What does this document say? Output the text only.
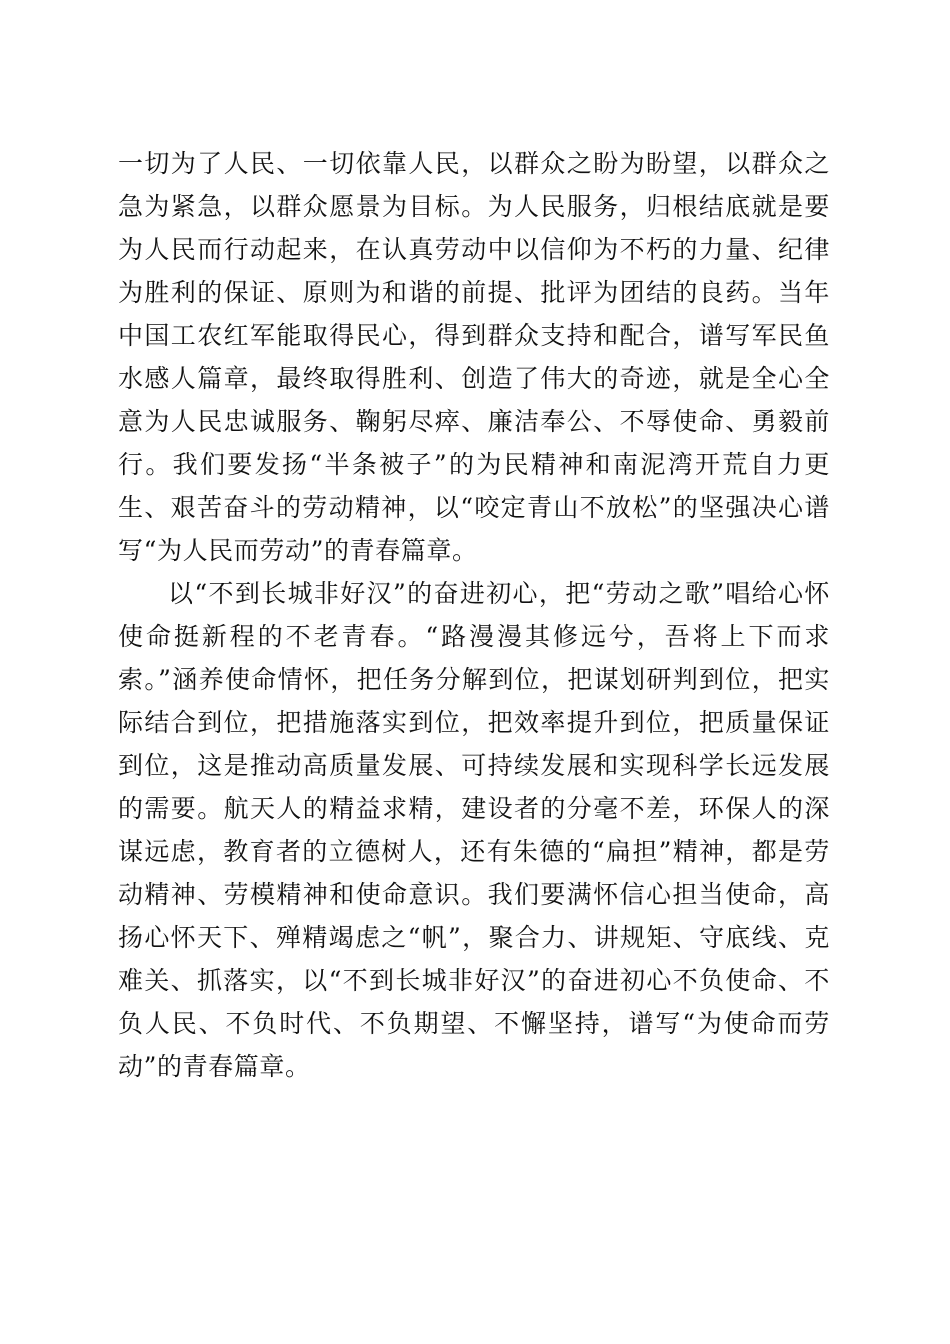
一切为了人民、一切依靠人民，以群众之盼为盼望，以群众之急为紧急，以群众愿景为目标。为人民服务，归根结底就是要为人民而行动起来，在认真劳动中以信仰为不朽的力量、纪律为胜利的保证、原则为和谐的前提、批评为团结的良药。当年中国工农红军能取得民心，得到群众支持和配合，谱写军民鱼水感人篇章，最终取得胜利、创造了伟大的奇迹，就是全心全意为人民忠诚服务、鞠躬尽瘁、廉洁奉公、不辱使命、勇毅前行。我们要发扬“半条被子”的为民精神和南泥湾开荒自力更生、艰苦奋斗的劳动精神，以“咬定青山不放松”的坚强决心谱写“为人民而劳动”的青春篇章。

以“不到长城非好汉”的奋进初心，把“劳动之歌”唱给心怀使命挺新程的不老青春。“路漫漫其修远兮，吾将上下而求索。”涵养使命情怀，把任务分解到位，把谋划研判到位，把实际结合到位，把措施落实到位，把效率提升到位，把质量保证到位，这是推动高质量发展、可持续发展和实现科学长远发展的需要。航天人的精益求精，建设者的分毫不差，环保人的深谋远虑，教育者的立德树人，还有朱德的“扁担”精神，都是劳动精神、劳模精神和使命意识。我们要满怀信心担当使命，高扬心怀天下、殚精竭虑之“帆”，聚合力、讲规矩、守底线、克难关、抓落实，以“不到长城非好汉”的奋进初心不负使命、不负人民、不负时代、不负期望、不懈坚持，谱写“为使命而劳动”的青春篇章。
